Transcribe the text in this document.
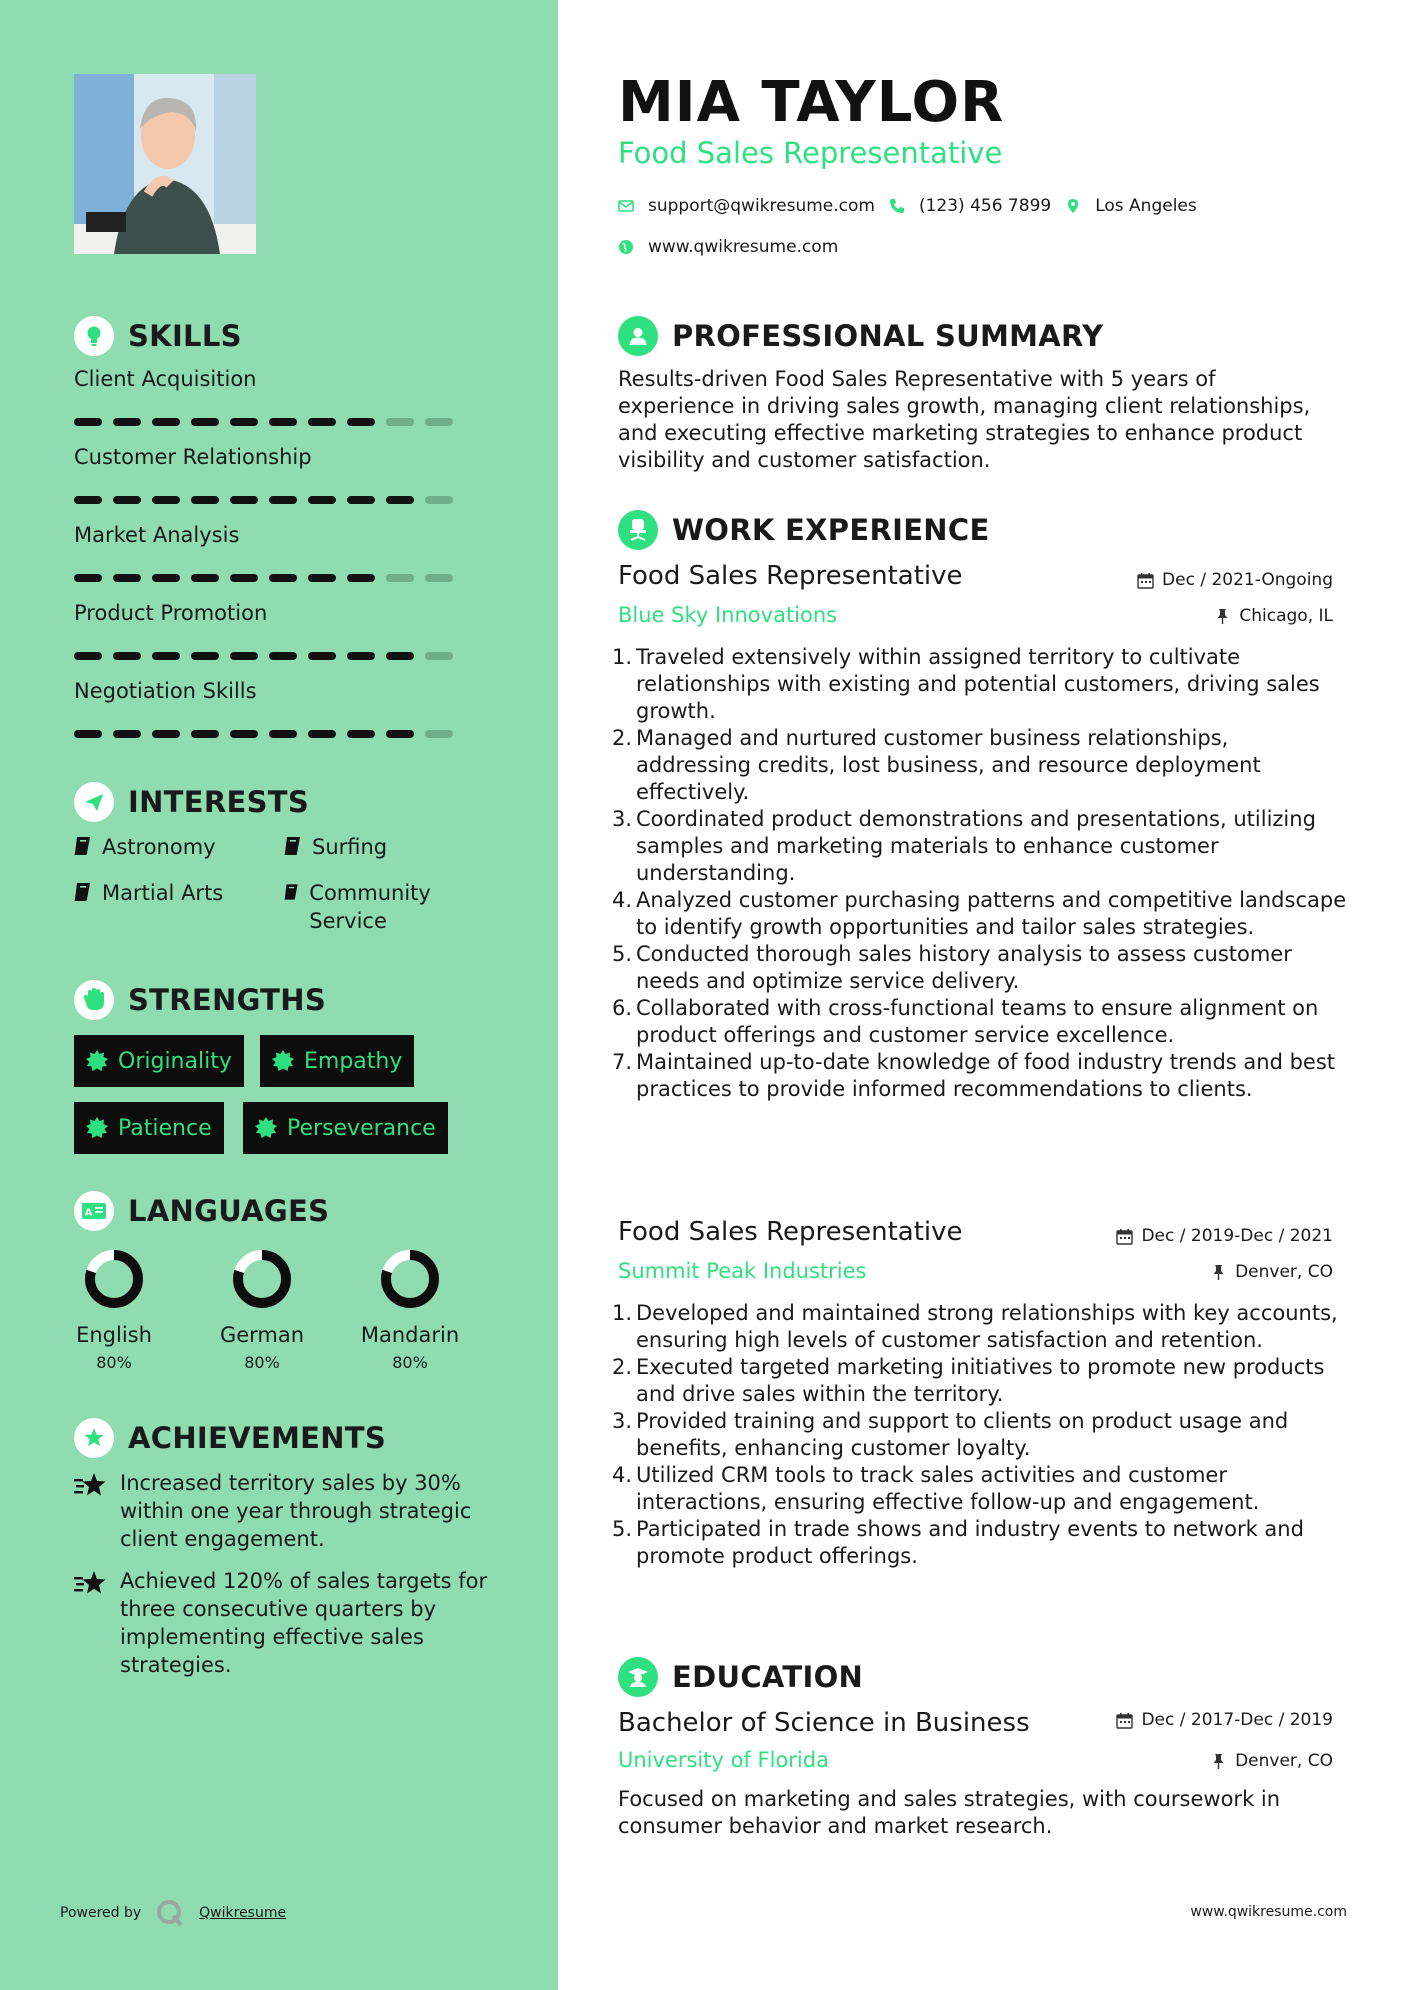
SKILLS
Client Acquisition
Customer Relationship
Market Analysis
Product Promotion
Negotiation Skills
INTERESTS
Astronomy	Surfing
Martial Arts	Community Service
STRENGTHS
Originality	Empathy
Patience	Perseverance
A LANGUAGES
English
80%
German
80%
Mandarin
80%
ACHIEVEMENTS
Increased territory sales by 30% within one year through strategic client engagement.
Achieved 120% of sales targets for three consecutive quarters by implementing effective sales strategies.
Powered by	Qwikresume
MIA TAYLOR
Food Sales Representative
support@qwikresume.com	(123) 456 7899	Los Angeles
www.qwikresume.com
PROFESSIONAL SUMMARY
Results-driven Food Sales Representative with 5 years of experience in driving sales growth, managing client relationships, and executing effective marketing strategies to enhance product visibility and customer satisfaction.
WORK EXPERIENCE
Food Sales Representative	Dec / 2021-Ongoing
Blue Sky Innovations	Chicago, IL
1. Traveled extensively within assigned territory to cultivate relationships with existing and potential customers, driving sales growth.
2. Managed and nurtured customer business relationships, addressing credits, lost business, and resource deployment effectively.
3. Coordinated product demonstrations and presentations, utilizing samples and marketing materials to enhance customer understanding.
4. Analyzed customer purchasing patterns and competitive landscape to identify growth opportunities and tailor sales strategies.
5. Conducted thorough sales history analysis to assess customer needs and optimize service delivery.
6. Collaborated with cross-functional teams to ensure alignment on product offerings and customer service excellence.
7. Maintained up-to-date knowledge of food industry trends and best practices to provide informed recommendations to clients.
Food Sales Representative	Dec / 2019-Dec / 2021
Summit Peak Industries	Denver, CO
1. Developed and maintained strong relationships with key accounts, ensuring high levels of customer satisfaction and retention.
2. Executed targeted marketing initiatives to promote new products and drive sales within the territory.
3. Provided training and support to clients on product usage and benefits, enhancing customer loyalty.
4. Utilized CRM tools to track sales activities and customer interactions, ensuring effective follow-up and engagement.
5. Participated in trade shows and industry events to network and promote product offerings.
EDUCATION
Bachelor of Science in Business	Dec / 2017-Dec / 2019
University of Florida	Denver, CO
Focused on marketing and sales strategies, with coursework in consumer behavior and market research.
www.qwikresume.com
